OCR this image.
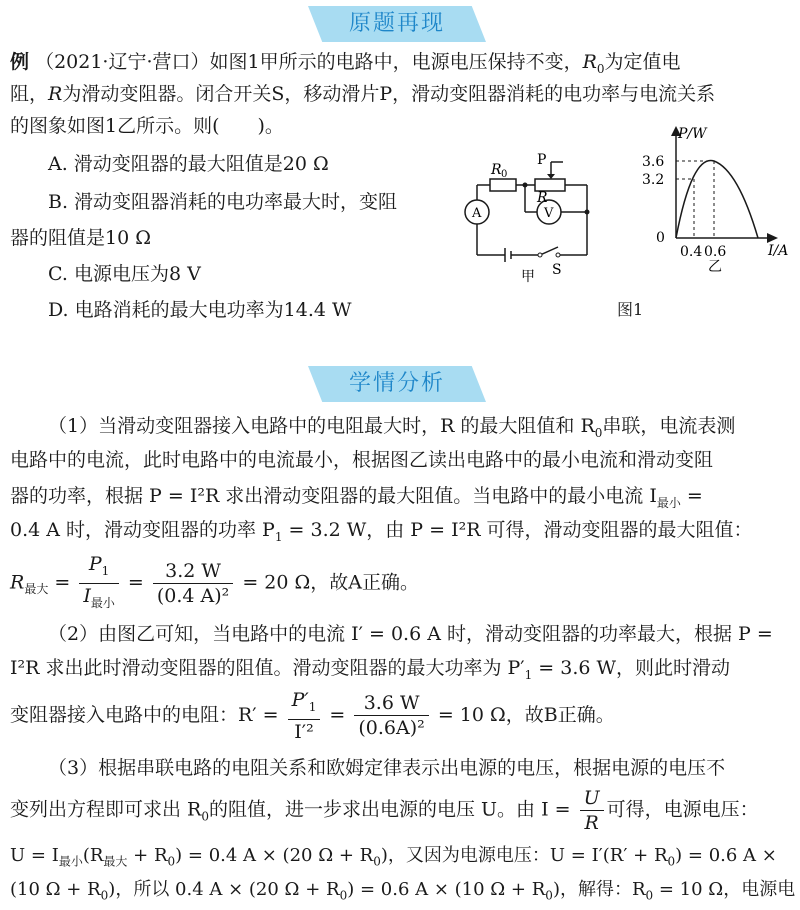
原题再现
例 （2021·辽宁·营口）如图1甲所示的电路中，电源电压保持不变，$R_0$为定值电
阻，R为滑动变阻器。闭合开关S，移动滑片P，滑动变阻器消耗的电功率与电流关系
的图象如图1乙所示。则(　　)。
A. 滑动变阻器的最大阻值是20 Ω
B. 滑动变阻器消耗的电功率最大时，变阻
器的阻值是10 Ω
C. 电源电压为8 V
D. 电路消耗的最大电功率为14.4 W
R 0
P
R
A	V
S
甲
P/W
I/A
3.6
3.2
0
0.4 0.6
乙
图1
学情分析
（1）当滑动变阻器接入电路中的电阻最大时，R 的最大阻值和 $R_0$串联，电流表测
电路中的电流，此时电路中的电流最小，根据图乙读出电路中的最小电流和滑动变阻
器的功率，根据 P = I²R 求出滑动变阻器的最大阻值。当电路中的最小电流 $I_{最小}$ =
0.4 A 时，滑动变阻器的功率 $P_1 = 3.2$ W，由 P = I²R 可得，滑动变阻器的最大阻值：
$R_{最大} = \frac{P_1}{I_{最小}} = \frac{3.2 W}{\text{(0.4 A)²}} = 20$ Ω，故A正确。
（2）由图乙可知，当电路中的电流 I′ = 0.6 A 时，滑动变阻器的功率最大，根据 P =
I²R 求出此时滑动变阻器的阻值。滑动变阻器的最大功率为 $P'_1 = 3.6$ W，则此时滑动
变阻器接入电路中的电阻：$R' = \frac{P'_1}{\text{I′²}} = \frac{3.6 W}{\text{(0.6A)²}} = 10$ Ω，故B正确。
（3）根据串联电路的电阻关系和欧姆定律表示出电源的电压，根据电源的电压不
变列出方程即可求出 $R_0$的阻值，进一步求出电源的电压 U。由 $I = \frac{U}{R}$ 可得，电源电压：
$U = I_{最小}(R_{最大} + R_0) = 0.4$ A × (20 $\Omega + R_0$)，又因为电源电压：$U = I'(R' + R_0) = 0.6$ A ×
(10 $\Omega + R_0$)，所以 0.4 A × (20 $\Omega + R_0) = 0.6$ A × (10 $\Omega + R_0$)，解得：$R_0 = 10$ Ω，电源电
